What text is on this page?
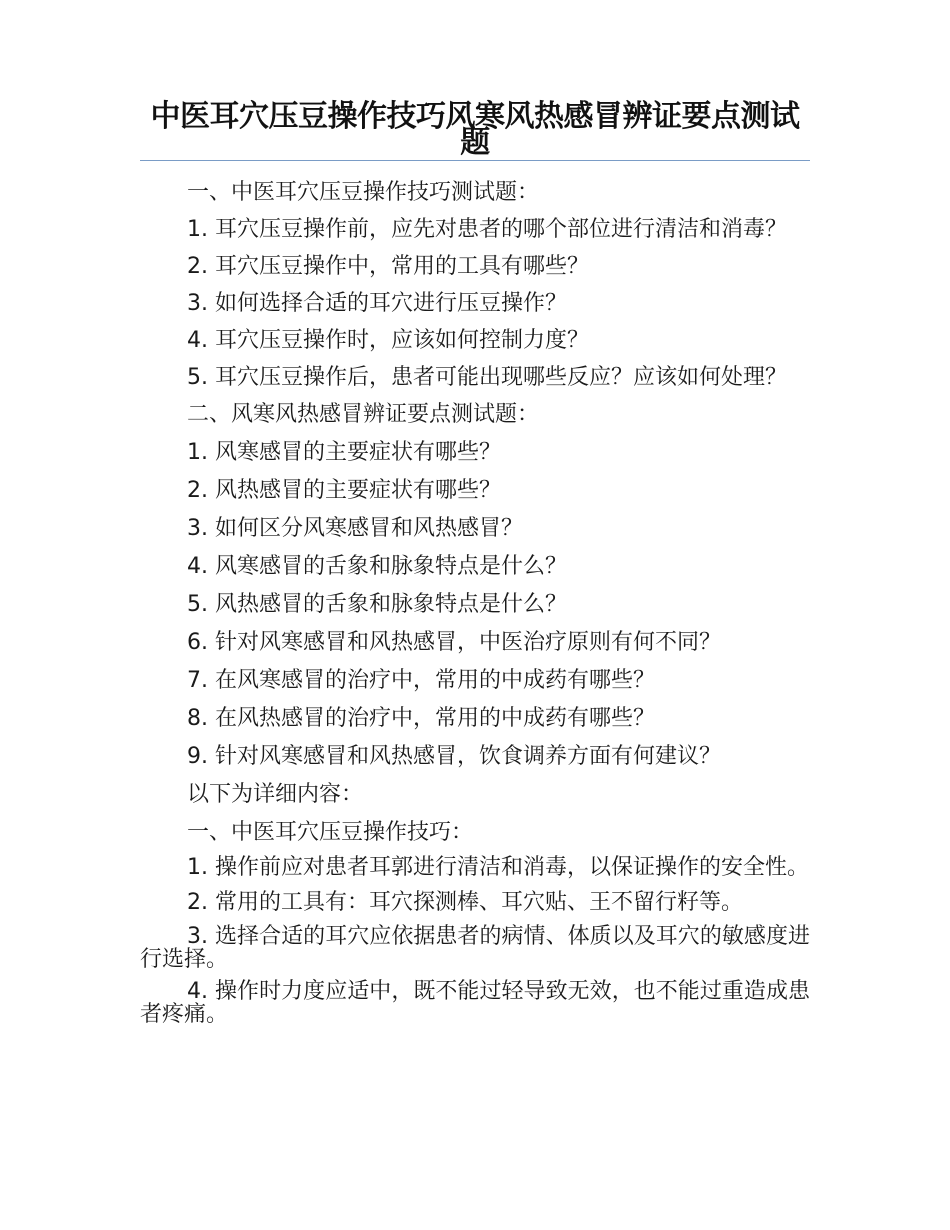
中医耳穴压豆操作技巧风寒风热感冒辨证要点测试题

一、中医耳穴压豆操作技巧测试题：

1. 耳穴压豆操作前，应先对患者的哪个部位进行清洁和消毒？

2. 耳穴压豆操作中，常用的工具有哪些？

3. 如何选择合适的耳穴进行压豆操作？

4. 耳穴压豆操作时，应该如何控制力度？

5. 耳穴压豆操作后，患者可能出现哪些反应？应该如何处理？

二、风寒风热感冒辨证要点测试题：

1. 风寒感冒的主要症状有哪些？

2. 风热感冒的主要症状有哪些？

3. 如何区分风寒感冒和风热感冒？

4. 风寒感冒的舌象和脉象特点是什么？

5. 风热感冒的舌象和脉象特点是什么？

6. 针对风寒感冒和风热感冒，中医治疗原则有何不同？

7. 在风寒感冒的治疗中，常用的中成药有哪些？

8. 在风热感冒的治疗中，常用的中成药有哪些？

9. 针对风寒感冒和风热感冒，饮食调养方面有何建议？

以下为详细内容：

一、中医耳穴压豆操作技巧：

1. 操作前应对患者耳郭进行清洁和消毒，以保证操作的安全性。

2. 常用的工具有：耳穴探测棒、耳穴贴、王不留行籽等。

3. 选择合适的耳穴应依据患者的病情、体质以及耳穴的敏感度进行选择。

4. 操作时力度应适中，既不能过轻导致无效，也不能过重造成患者疼痛。
